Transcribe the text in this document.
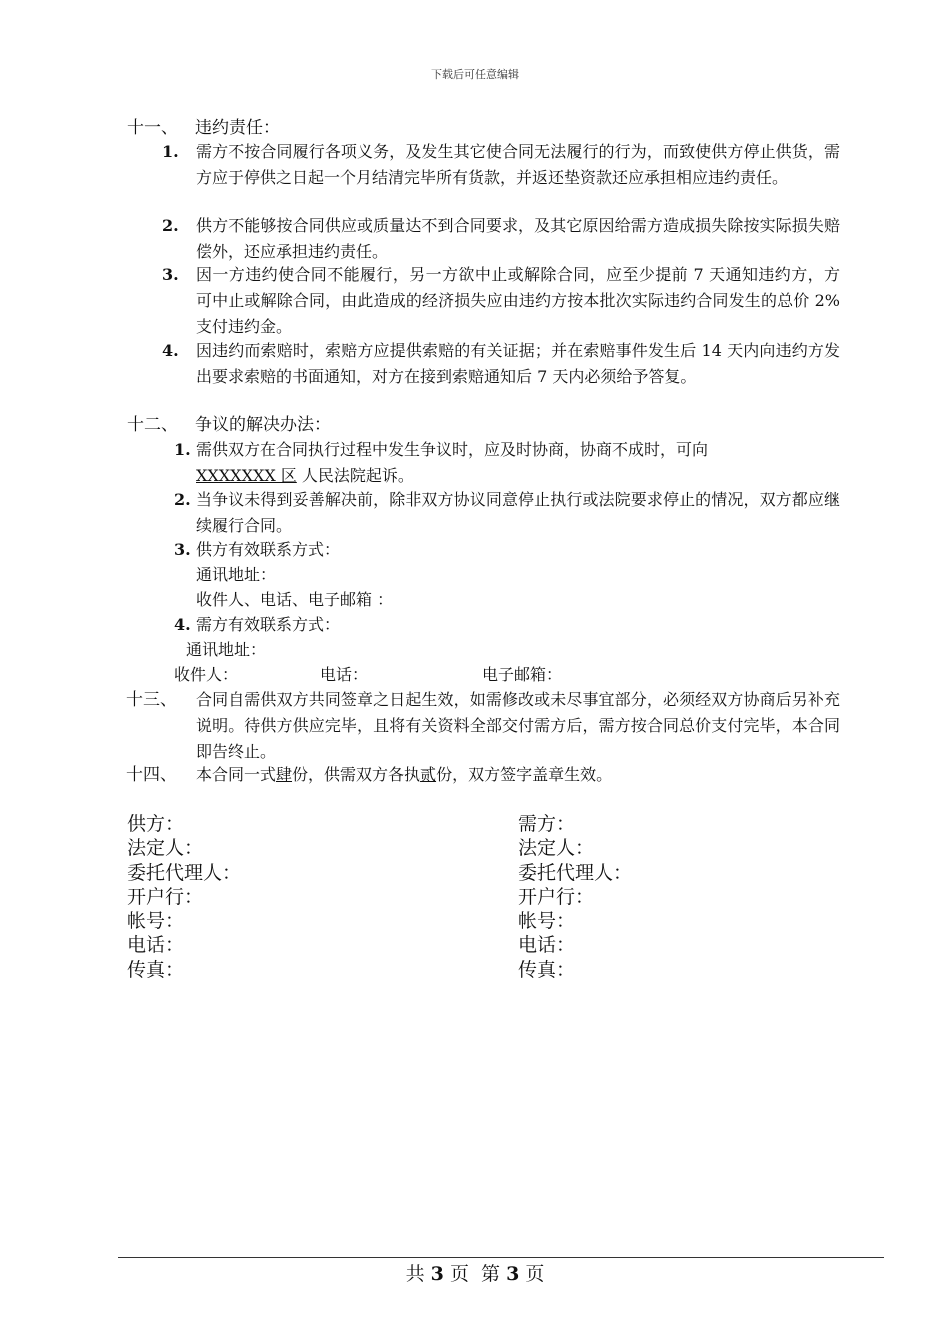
下载后可任意编辑
十一、 违约责任：
1. 需方不按合同履行各项义务，及发生其它使合同无法履行的行为，而致使供方停止供货，需方应于停供之日起一个月结清完毕所有货款，并返还垫资款还应承担相应违约责任。
2. 供方不能够按合同供应或质量达不到合同要求，及其它原因给需方造成损失除按实际损失赔偿外，还应承担违约责任。
3. 因一方违约使合同不能履行，另一方欲中止或解除合同，应至少提前 7 天通知违约方，方可中止或解除合同，由此造成的经济损失应由违约方按本批次实际违约合同发生的总价 2%支付违约金。
4. 因违约而索赔时，索赔方应提供索赔的有关证据；并在索赔事件发生后 14 天内向违约方发出要求索赔的书面通知，对方在接到索赔通知后 7 天内必须给予答复。
十二、 争议的解决办法：
1. 需供双方在合同执行过程中发生争议时，应及时协商，协商不成时，可向
XXXXXXX 区 人民法院起诉。
2. 当争议未得到妥善解决前，除非双方协议同意停止执行或法院要求停止的情况，双方都应继续履行合同。
3. 供方有效联系方式：
通讯地址：
收件人、电话、电子邮箱 ：
4. 需方有效联系方式：
通讯地址：
收件人：	电话：	电子邮箱：
十三、 合同自需供双方共同签章之日起生效，如需修改或未尽事宜部分，必须经双方协商后另补充说明。待供方供应完毕，且将有关资料全部交付需方后，需方按合同总价支付完毕，本合同即告终止。
十四、 本合同一式肆份，供需双方各执贰份，双方签字盖章生效。
供方：
法定人：
委托代理人：
开户行：
帐号：
电话：
传真：
需方：
法定人：
委托代理人：
开户行：
帐号：
电话：
传真：
共 3 页 第 3 页
